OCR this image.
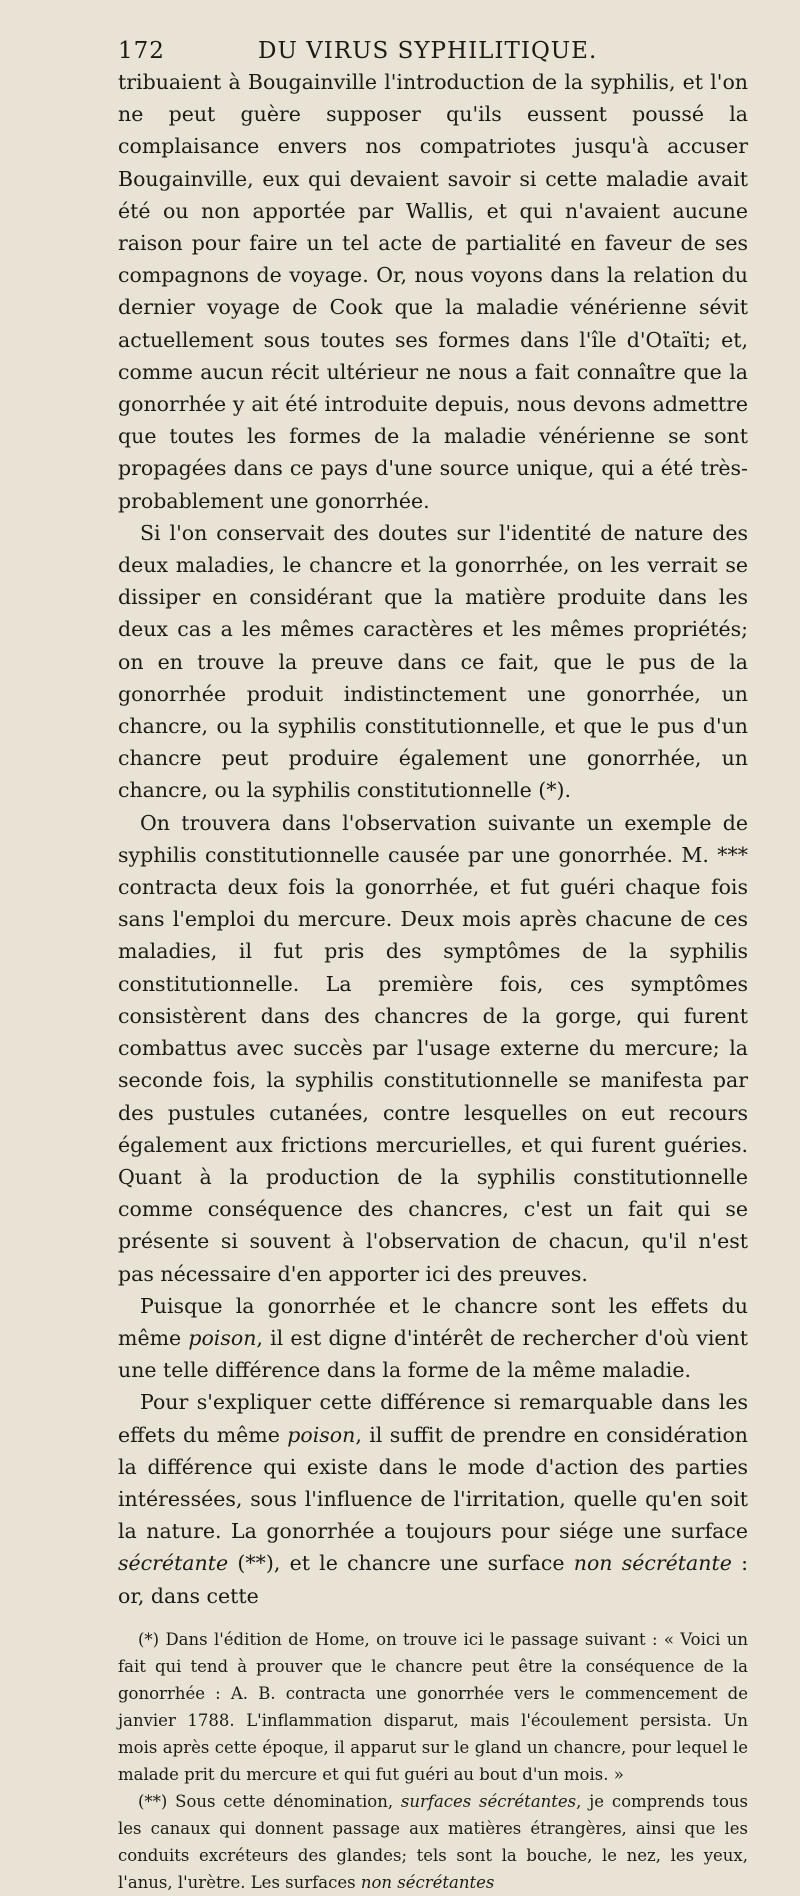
172	DU VIRUS SYPHILITIQUE.

tribuaient à Bougainville l'introduction de la syphilis, et l'on ne peut guère supposer qu'ils eussent poussé la complaisance envers nos compatriotes jusqu'à accuser Bougainville, eux qui devaient savoir si cette maladie avait été ou non apportée par Wallis, et qui n'avaient aucune raison pour faire un tel acte de partialité en faveur de ses compagnons de voyage. Or, nous voyons dans la relation du dernier voyage de Cook que la maladie vénérienne sévit actuellement sous toutes ses formes dans l'île d'Otaïti; et, comme aucun récit ultérieur ne nous a fait connaître que la gonorrhée y ait été introduite depuis, nous devons admettre que toutes les formes de la maladie vénérienne se sont propagées dans ce pays d'une source unique, qui a été très-probablement une gonorrhée.

Si l'on conservait des doutes sur l'identité de nature des deux maladies, le chancre et la gonorrhée, on les verrait se dissiper en considérant que la matière produite dans les deux cas a les mêmes caractères et les mêmes propriétés; on en trouve la preuve dans ce fait, que le pus de la gonorrhée produit indistinctement une gonorrhée, un chancre, ou la syphilis constitutionnelle, et que le pus d'un chancre peut produire également une gonorrhée, un chancre, ou la syphilis constitutionnelle (*).

On trouvera dans l'observation suivante un exemple de syphilis constitutionnelle causée par une gonorrhée. M. *** contracta deux fois la gonorrhée, et fut guéri chaque fois sans l'emploi du mercure. Deux mois après chacune de ces maladies, il fut pris des symptômes de la syphilis constitutionnelle. La première fois, ces symptômes consistèrent dans des chancres de la gorge, qui furent combattus avec succès par l'usage externe du mercure; la seconde fois, la syphilis constitutionnelle se manifesta par des pustules cutanées, contre lesquelles on eut recours également aux frictions mercurielles, et qui furent guéries. Quant à la production de la syphilis constitutionnelle comme conséquence des chancres, c'est un fait qui se présente si souvent à l'observation de chacun, qu'il n'est pas nécessaire d'en apporter ici des preuves.

Puisque la gonorrhée et le chancre sont les effets du même poison, il est digne d'intérêt de rechercher d'où vient une telle différence dans la forme de la même maladie.

Pour s'expliquer cette différence si remarquable dans les effets du même poison, il suffit de prendre en considération la différence qui existe dans le mode d'action des parties intéressées, sous l'influence de l'irritation, quelle qu'en soit la nature. La gonorrhée a toujours pour siége une surface sécrétante (**), et le chancre une surface non sécrétante : or, dans cette

(*) Dans l'édition de Home, on trouve ici le passage suivant : « Voici un fait qui tend à prouver que le chancre peut être la conséquence de la gonorrhée : A. B. contracta une gonorrhée vers le commencement de janvier 1788. L'inflammation disparut, mais l'écoulement persista. Un mois après cette époque, il apparut sur le gland un chancre, pour lequel le malade prit du mercure et qui fut guéri au bout d'un mois. »

(**) Sous cette dénomination, surfaces sécrétantes, je comprends tous les canaux qui donnent passage aux matières étrangères, ainsi que les conduits excréteurs des glandes; tels sont la bouche, le nez, les yeux, l'anus, l'urètre. Les surfaces non sécrétantes
